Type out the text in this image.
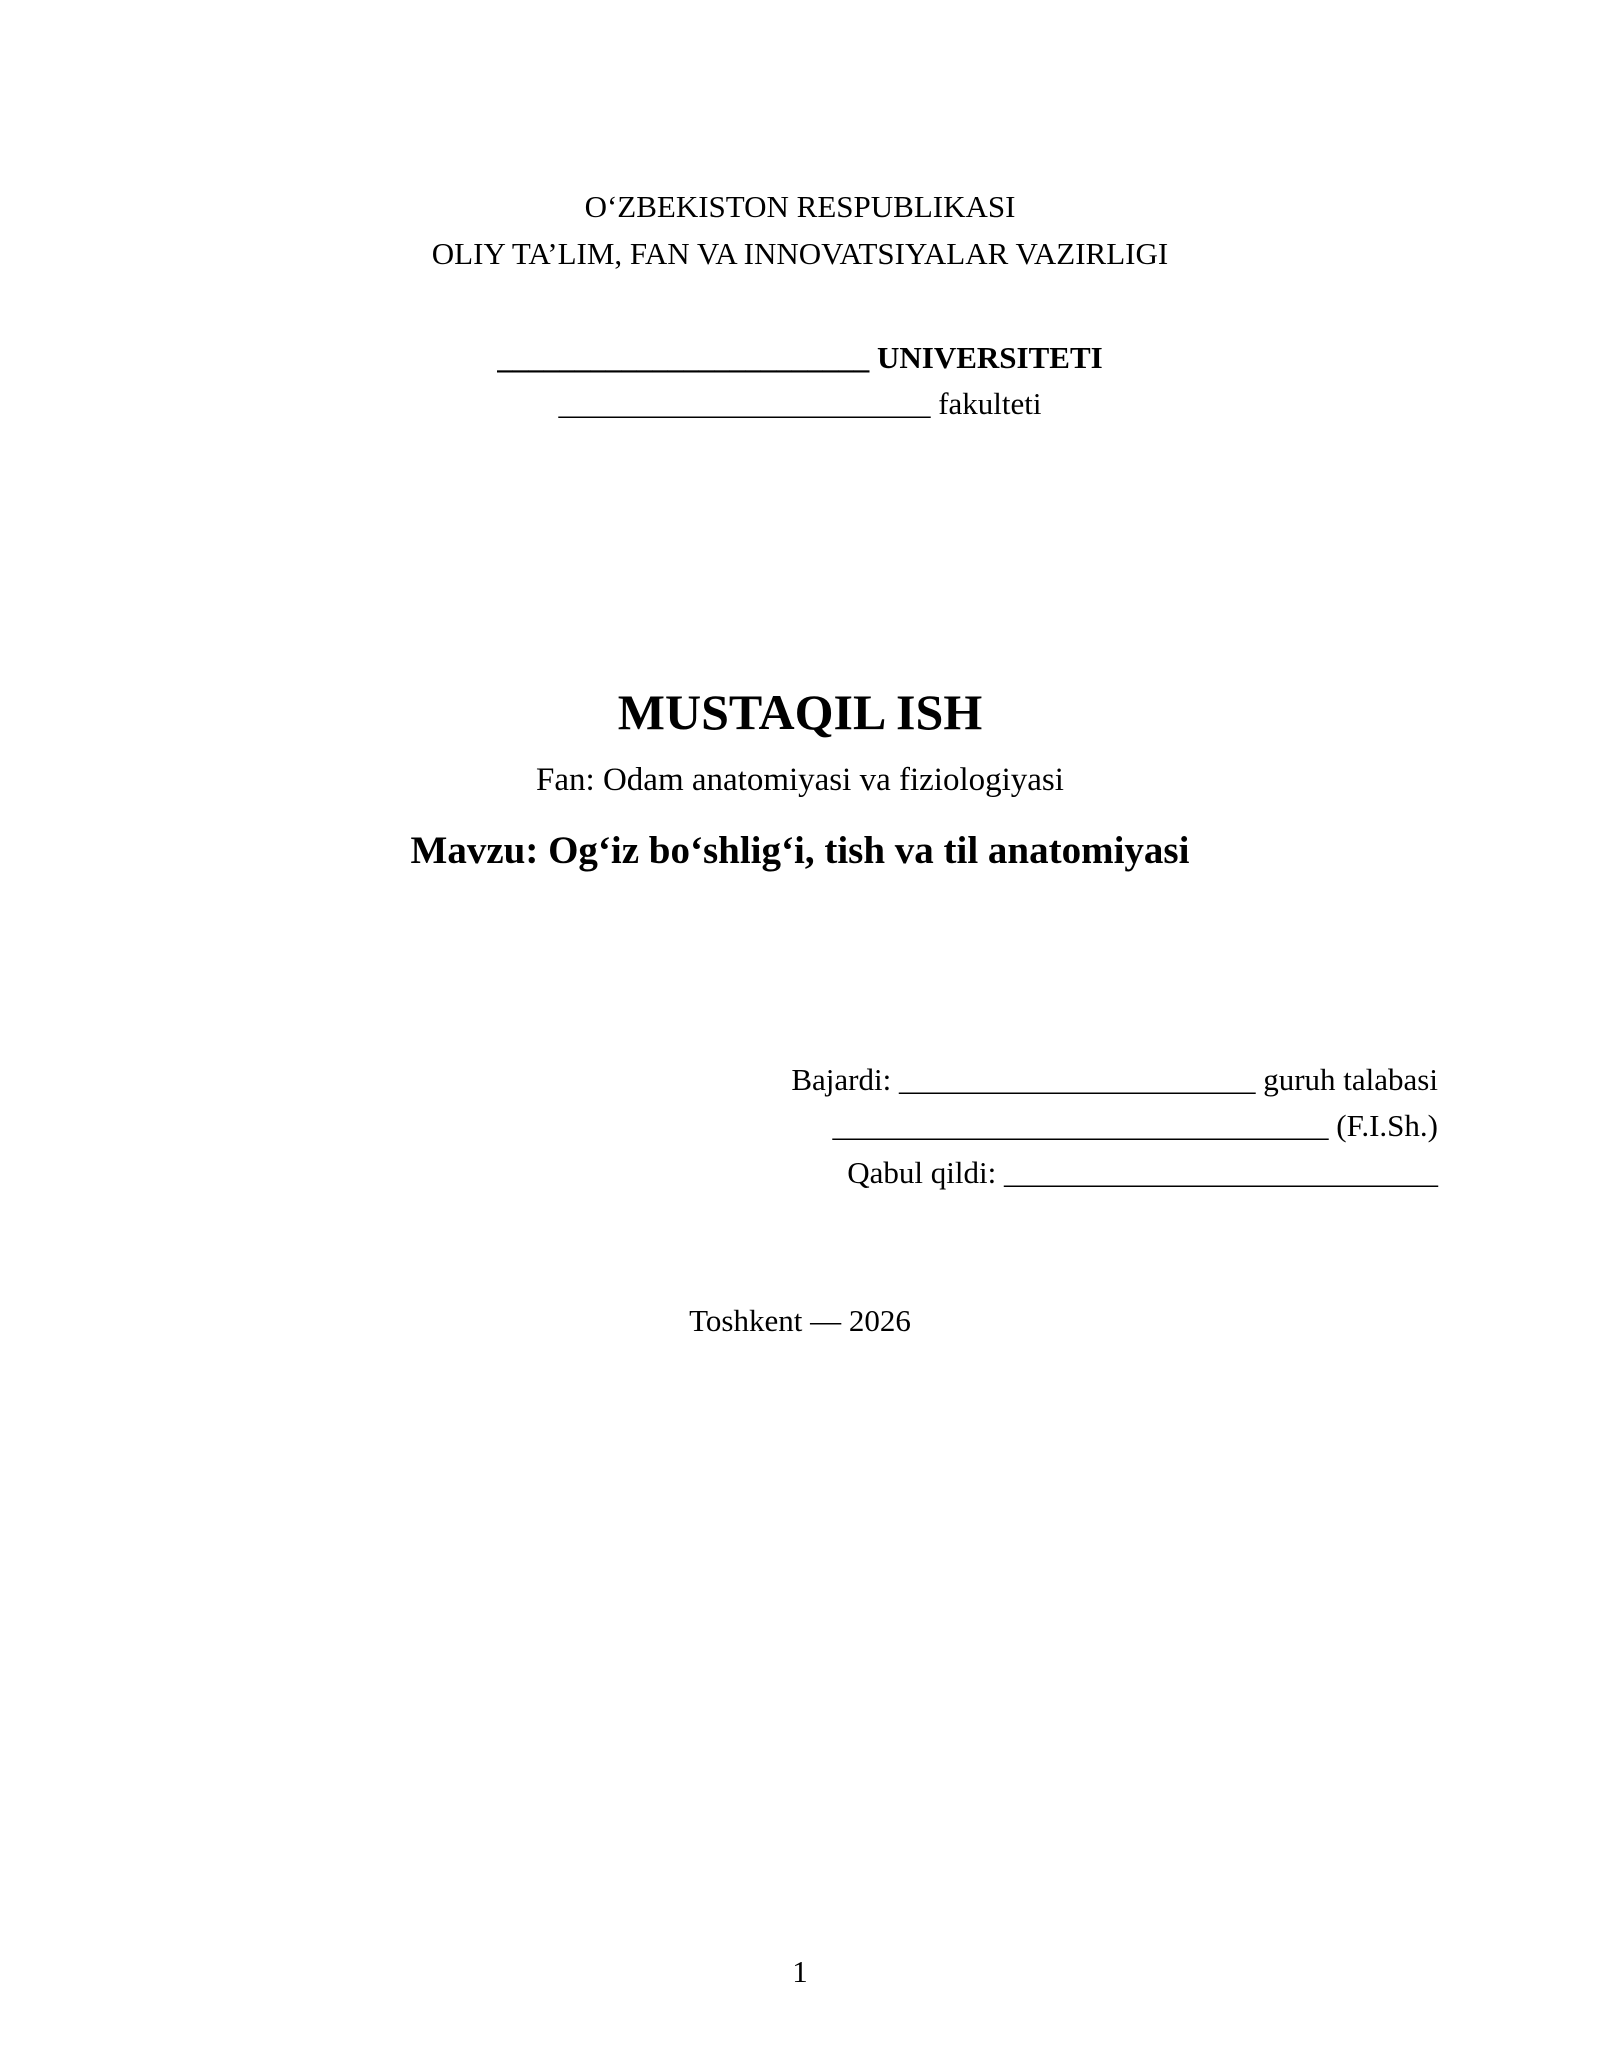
O‘ZBEKISTON RESPUBLIKASI
OLIY TA’LIM, FAN VA INNOVATSIYALAR VAZIRLIGI
________________________ UNIVERSITETI
________________________ fakulteti
MUSTAQIL ISH
Fan: Odam anatomiyasi va fiziologiyasi
Mavzu: Og‘iz bo‘shlig‘i, tish va til anatomiyasi
Bajardi: _______________________ guruh talabasi
________________________________ (F.I.Sh.)
Qabul qildi: ____________________________
Toshkent — 2026
1
